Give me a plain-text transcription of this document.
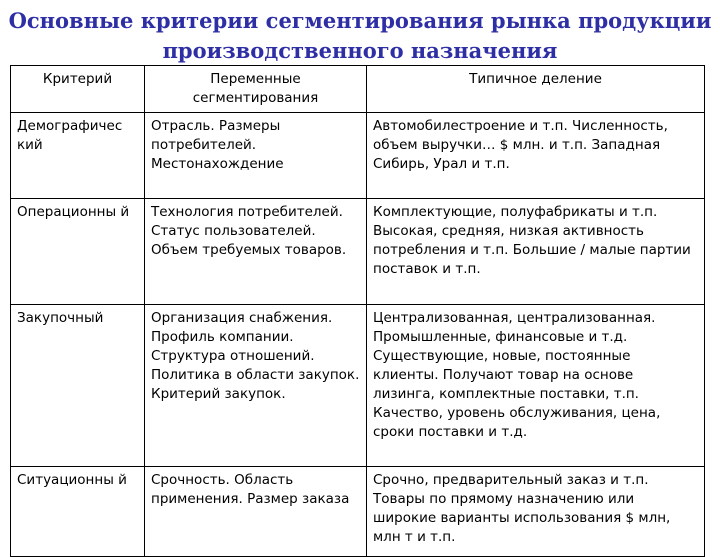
Основные критерии сегментирования рынка продукции
производственного назначения
Критерий	Переменные сегментирования	Типичное деление
Демографичес кий	Отрасль. Размеры потребителей. Местонахождение	Автомобилестроение и т.п. Численность, объем выручки… $ млн. и т.п. Западная Сибирь, Урал и т.п.
Операционны й	Технология потребителей. Статус пользователей. Объем требуемых товаров.	Комплектующие, полуфабрикаты и т.п. Высокая, средняя, низкая активность потребления и т.п. Большие / малые партии поставок и т.п.
Закупочный	Организация снабжения. Профиль компании. Структура отношений. Политика в области закупок. Критерий закупок.	Централизованная, централизованная. Промышленные, финансовые и т.д. Существующие, новые, постоянные клиенты. Получают товар на основе лизинга, комплектные поставки, т.п. Качество, уровень обслуживания, цена, сроки поставки и т.д.
Ситуационны й	Срочность. Область применения. Размер заказа	Срочно, предварительный заказ и т.п. Товары по прямому назначению или широкие варианты использования $ млн, млн т и т.п.
